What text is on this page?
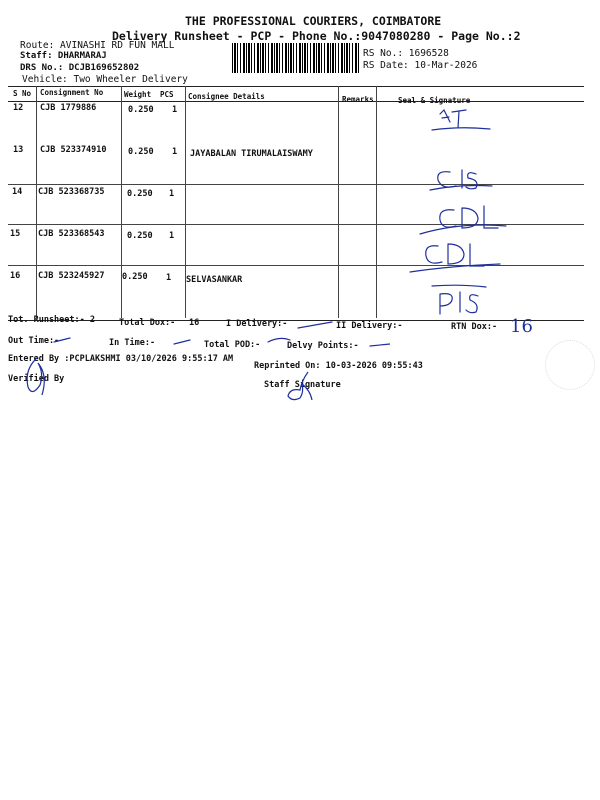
THE PROFESSIONAL COURIERS, COIMBATORE
Delivery Runsheet - PCP - Phone No.:9047080280 - Page No.:2
Route: AVINASHI RD FUN MALL
Staff: DHARMARAJ
DRS No.: DCJB169652802
Vehicle: Two Wheeler Delivery
RS No.: 1696528
RS Date: 10-Mar-2026
S No Consignment No	Weight PCS Consignee Details	Remarks	Seal & Signature
12 CJB 1779886	0.250 1
13 CJB 523374910	0.250 1 JAYABALAN TIRUMALAISWAMY
14 CJB 523368735	0.250 1
15 CJB 523368543	0.250 1
16 CJB 523245927 0.250 1 SELVASANKAR
Tot. Runsheet:- 2	Total Dox:- 16	I Delivery:-	II Delivery:-	RTN Dox:- 16
Out Time:-	In Time:-	Total POD:-	Delvy Points:-
Entered By :PCPLAKSHMI 03/10/2026 9:55:17 AM
Reprinted On: 10-03-2026 09:55:43
Verified By
Staff Signature
